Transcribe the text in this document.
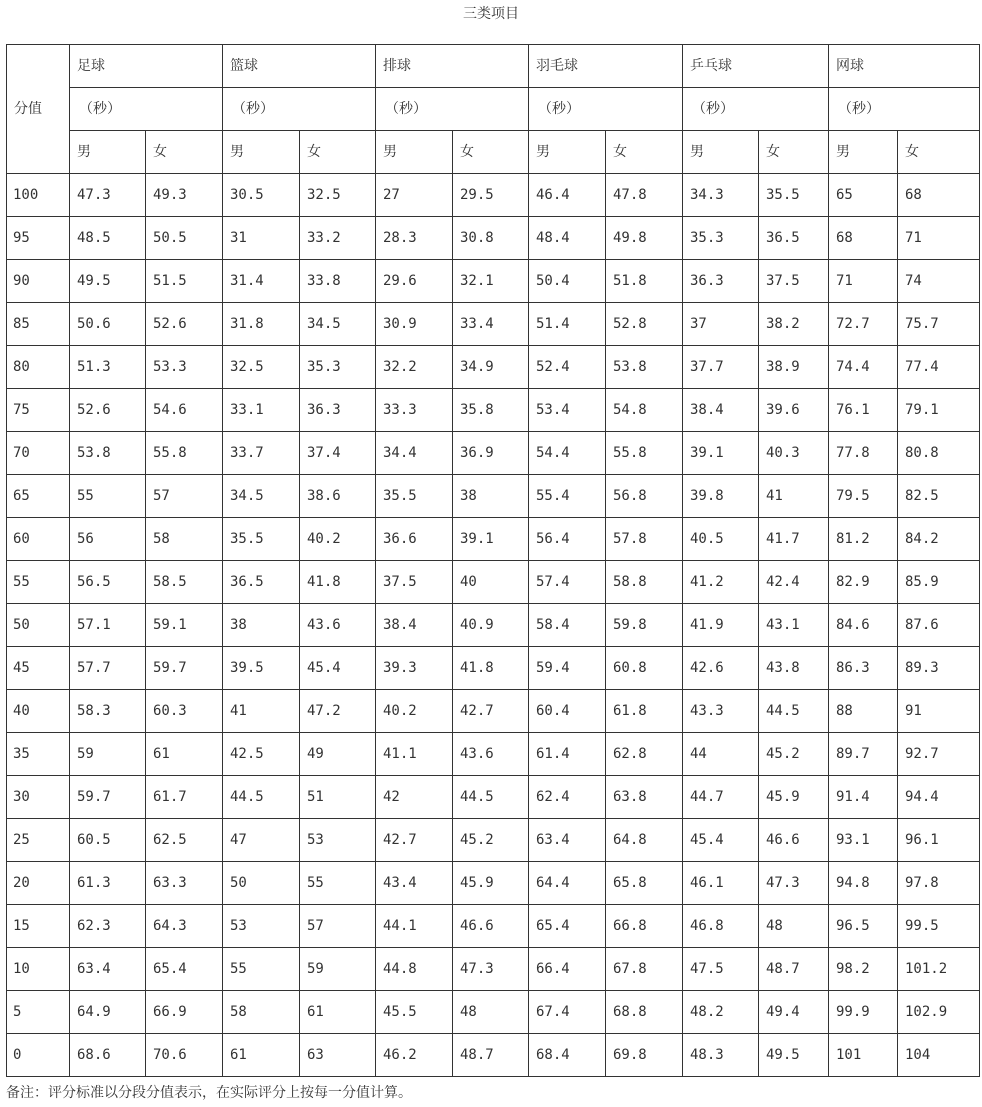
三类项目
分值	足球		篮球		排球		羽毛球		乒乓球		网球	
	（秒）		（秒）		（秒）		（秒）		（秒）		（秒）	
	男	女	男	女	男	女	男	女	男	女	男	女
100	47.3	49.3	30.5	32.5	27	29.5	46.4	47.8	34.3	35.5	65	68
95	48.5	50.5	31	33.2	28.3	30.8	48.4	49.8	35.3	36.5	68	71
90	49.5	51.5	31.4	33.8	29.6	32.1	50.4	51.8	36.3	37.5	71	74
85	50.6	52.6	31.8	34.5	30.9	33.4	51.4	52.8	37	38.2	72.7	75.7
80	51.3	53.3	32.5	35.3	32.2	34.9	52.4	53.8	37.7	38.9	74.4	77.4
75	52.6	54.6	33.1	36.3	33.3	35.8	53.4	54.8	38.4	39.6	76.1	79.1
70	53.8	55.8	33.7	37.4	34.4	36.9	54.4	55.8	39.1	40.3	77.8	80.8
65	55	57	34.5	38.6	35.5	38	55.4	56.8	39.8	41	79.5	82.5
60	56	58	35.5	40.2	36.6	39.1	56.4	57.8	40.5	41.7	81.2	84.2
55	56.5	58.5	36.5	41.8	37.5	40	57.4	58.8	41.2	42.4	82.9	85.9
50	57.1	59.1	38	43.6	38.4	40.9	58.4	59.8	41.9	43.1	84.6	87.6
45	57.7	59.7	39.5	45.4	39.3	41.8	59.4	60.8	42.6	43.8	86.3	89.3
40	58.3	60.3	41	47.2	40.2	42.7	60.4	61.8	43.3	44.5	88	91
35	59	61	42.5	49	41.1	43.6	61.4	62.8	44	45.2	89.7	92.7
30	59.7	61.7	44.5	51	42	44.5	62.4	63.8	44.7	45.9	91.4	94.4
25	60.5	62.5	47	53	42.7	45.2	63.4	64.8	45.4	46.6	93.1	96.1
20	61.3	63.3	50	55	43.4	45.9	64.4	65.8	46.1	47.3	94.8	97.8
15	62.3	64.3	53	57	44.1	46.6	65.4	66.8	46.8	48	96.5	99.5
10	63.4	65.4	55	59	44.8	47.3	66.4	67.8	47.5	48.7	98.2	101.2
5	64.9	66.9	58	61	45.5	48	67.4	68.8	48.2	49.4	99.9	102.9
0	68.6	70.6	61	63	46.2	48.7	68.4	69.8	48.3	49.5	101	104
备注：评分标准以分段分值表示，在实际评分上按每一分值计算。
